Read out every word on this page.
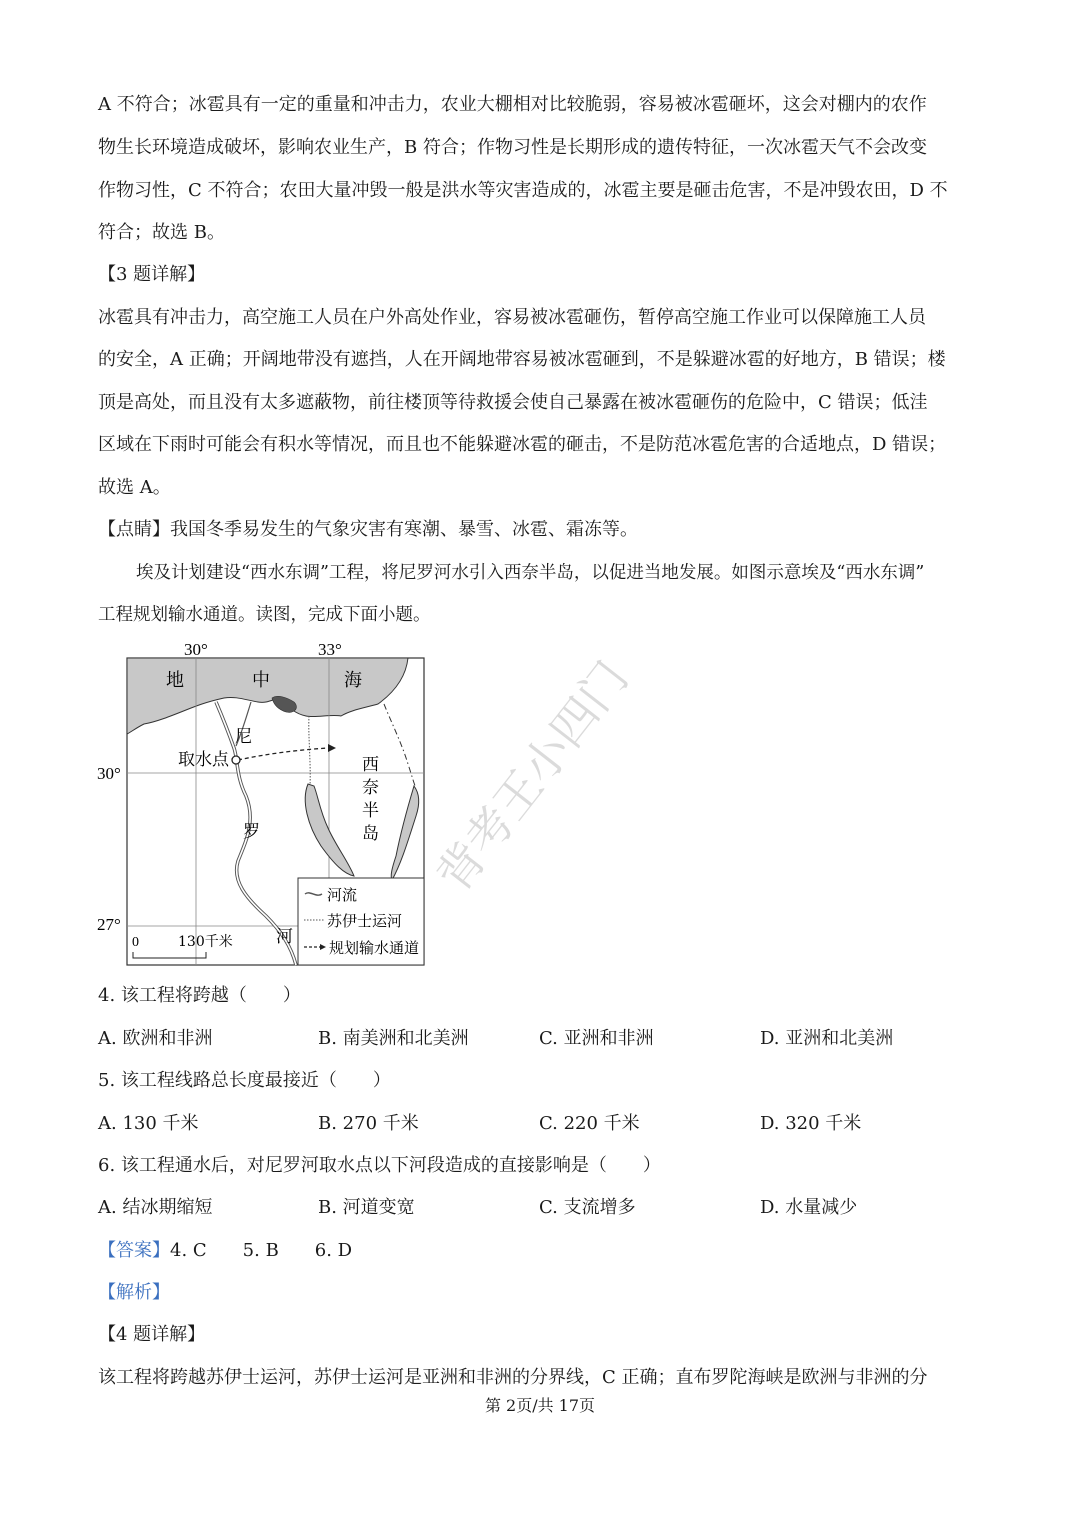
A 不符合；冰雹具有一定的重量和冲击力，农业大棚相对比较脆弱，容易被冰雹砸坏，这会对棚内的农作
物生长环境造成破坏，影响农业生产，B 符合；作物习性是长期形成的遗传特征，一次冰雹天气不会改变
作物习性，C 不符合；农田大量冲毁一般是洪水等灾害造成的，冰雹主要是砸击危害，不是冲毁农田，D 不
符合；故选 B。
【3 题详解】
冰雹具有冲击力，高空施工人员在户外高处作业，容易被冰雹砸伤，暂停高空施工作业可以保障施工人员
的安全，A 正确；开阔地带没有遮挡，人在开阔地带容易被冰雹砸到，不是躲避冰雹的好地方，B 错误；楼
顶是高处，而且没有太多遮蔽物，前往楼顶等待救援会使自己暴露在被冰雹砸伤的危险中，C 错误；低洼
区域在下雨时可能会有积水等情况，而且也不能躲避冰雹的砸击，不是防范冰雹危害的合适地点，D 错误；
故选 A。
【点睛】我国冬季易发生的气象灾害有寒潮、暴雪、冰雹、霜冻等。
埃及计划建设“西水东调”工程，将尼罗河水引入西奈半岛，以促进当地发展。如图示意埃及“西水东调”
工程规划输水通道。读图，完成下面小题。
30°	33°
30°
27°
地	中	海
尼
罗
河
取水点	西
奈
半
岛
0	130千米
河流
苏伊士运河
规划输水通道
背考王小四门
4. 该工程将跨越（　　）
A. 欧洲和非洲	B. 南美洲和北美洲	C. 亚洲和非洲	D. 亚洲和北美洲
5. 该工程线路总长度最接近（　　）
A. 130 千米	B. 270 千米	C. 220 千米	D. 320 千米
6. 该工程通水后，对尼罗河取水点以下河段造成的直接影响是（　　）
A. 结冰期缩短	B. 河道变宽	C. 支流增多	D. 水量减少
【答案】4. C　　5. B　　6. D
【解析】
【4 题详解】
该工程将跨越苏伊士运河，苏伊士运河是亚洲和非洲的分界线，C 正确；直布罗陀海峡是欧洲与非洲的分
第 2页/共 17页
